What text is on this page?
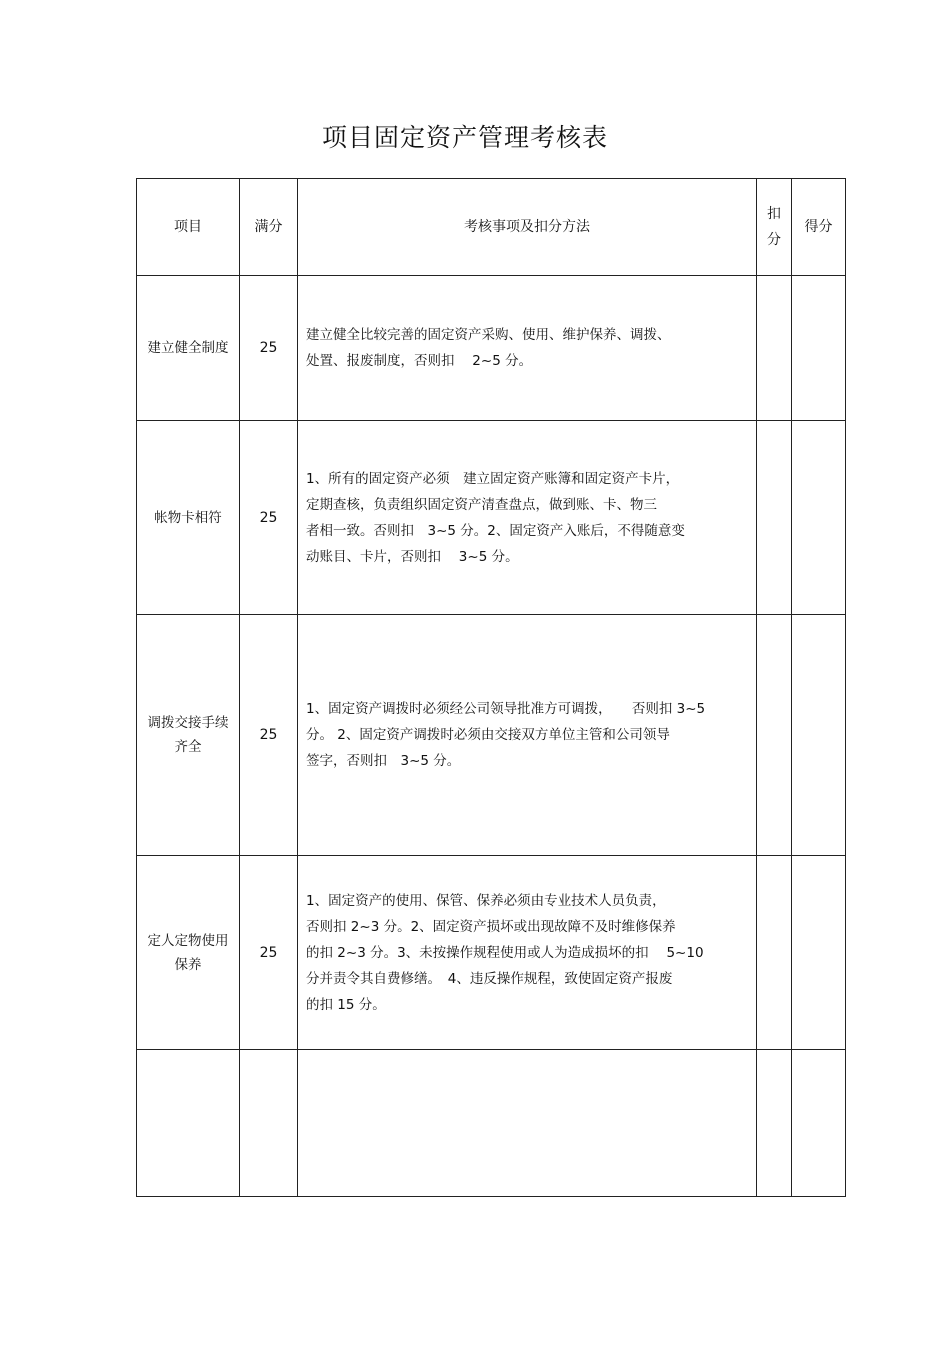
项目固定资产管理考核表
项目	满分	考核事项及扣分方法	扣分	得分

建立健全制度	25	建立健全比较完善的固定资产采购、使用、维护保养、调拨、
处置、报废制度，否则扣　 2~5 分。		

帐物卡相符	25	1、所有的固定资产必须　建立固定资产账簿和固定资产卡片，
定期查核，负责组织固定资产清查盘点，做到账、卡、物三
者相一致。否则扣　3~5 分。2、固定资产入账后，不得随意变
动账目、卡片，否则扣　 3~5 分。		

调拨交接手续齐全	25	1、固定资产调拨时必须经公司领导批准方可调拨，　　否则扣 3~5
分。 2、固定资产调拨时必须由交接双方单位主管和公司领导
签字，否则扣　3~5 分。		

定人定物使用保养	25	1、固定资产的使用、保管、保养必须由专业技术人员负责，
否则扣 2~3 分。2、固定资产损坏或出现故障不及时维修保养
的扣 2~3 分。3、未按操作规程使用或人为造成损坏的扣　 5~10
分并责令其自费修缮。　4、违反操作规程，致使固定资产报废
的扣 15 分。		
